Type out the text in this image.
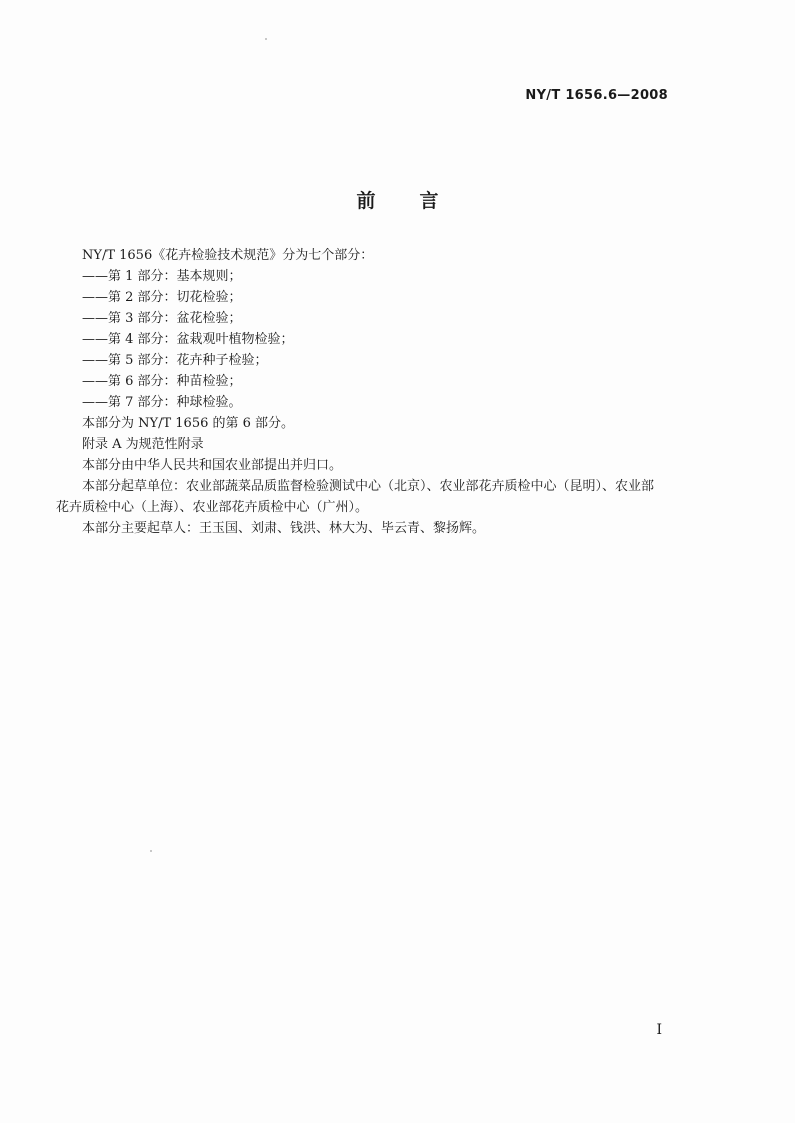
NY/T 1656.6—2008
前言
NY/T 1656《花卉检验技术规范》分为七个部分：
——第 1 部分：基本规则；
——第 2 部分：切花检验；
——第 3 部分：盆花检验；
——第 4 部分：盆栽观叶植物检验；
——第 5 部分：花卉种子检验；
——第 6 部分：种苗检验；
——第 7 部分：种球检验。
本部分为 NY/T 1656 的第 6 部分。
附录 A 为规范性附录
本部分由中华人民共和国农业部提出并归口。
本部分起草单位：农业部蔬菜品质监督检验测试中心（北京）、农业部花卉质检中心（昆明）、农业部
花卉质检中心（上海）、农业部花卉质检中心（广州）。
本部分主要起草人：王玉国、刘肃、钱洪、林大为、毕云青、黎扬辉。
I
